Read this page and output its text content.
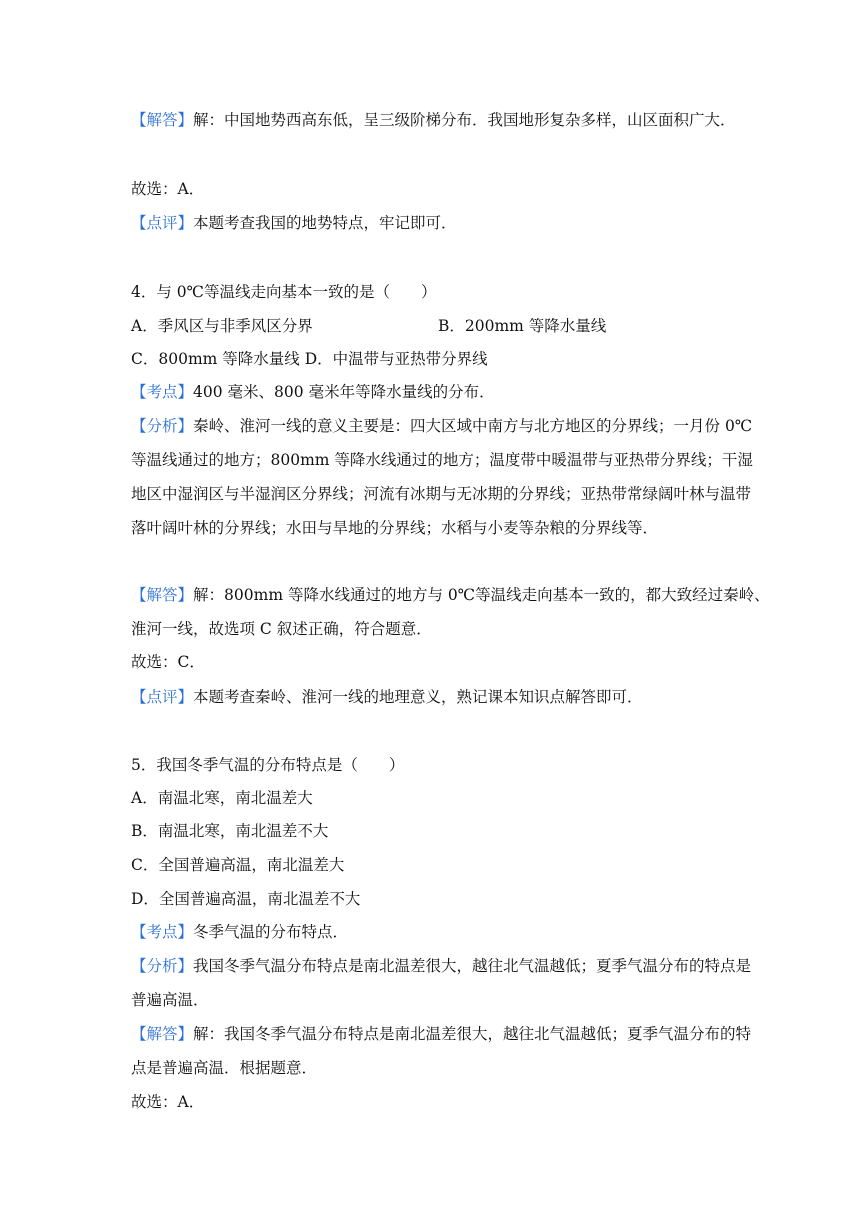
【解答】解：中国地势西高东低，呈三级阶梯分布．我国地形复杂多样，山区面积广大．
故选：A．
【点评】本题考查我国的地势特点，牢记即可．
4．与 0℃等温线走向基本一致的是（　　）
A．季风区与非季风区分界	B．200mm 等降水量线
C．800mm 等降水量线 D．中温带与亚热带分界线
【考点】400 毫米、800 毫米年等降水量线的分布．
【分析】秦岭、淮河一线的意义主要是：四大区域中南方与北方地区的分界线；一月份 0℃
等温线通过的地方；800mm 等降水线通过的地方；温度带中暖温带与亚热带分界线；干湿
地区中湿润区与半湿润区分界线；河流有冰期与无冰期的分界线；亚热带常绿阔叶林与温带
落叶阔叶林的分界线；水田与旱地的分界线；水稻与小麦等杂粮的分界线等．
【解答】解：800mm 等降水线通过的地方与 0℃等温线走向基本一致的，都大致经过秦岭、
淮河一线，故选项 C 叙述正确，符合题意．
故选：C．
【点评】本题考查秦岭、淮河一线的地理意义，熟记课本知识点解答即可．
5．我国冬季气温的分布特点是（　　）
A．南温北寒，南北温差大
B．南温北寒，南北温差不大
C．全国普遍高温，南北温差大
D．全国普遍高温，南北温差不大
【考点】冬季气温的分布特点．
【分析】我国冬季气温分布特点是南北温差很大，越往北气温越低；夏季气温分布的特点是
普遍高温．
【解答】解：我国冬季气温分布特点是南北温差很大，越往北气温越低；夏季气温分布的特
点是普遍高温．根据题意．
故选：A．
